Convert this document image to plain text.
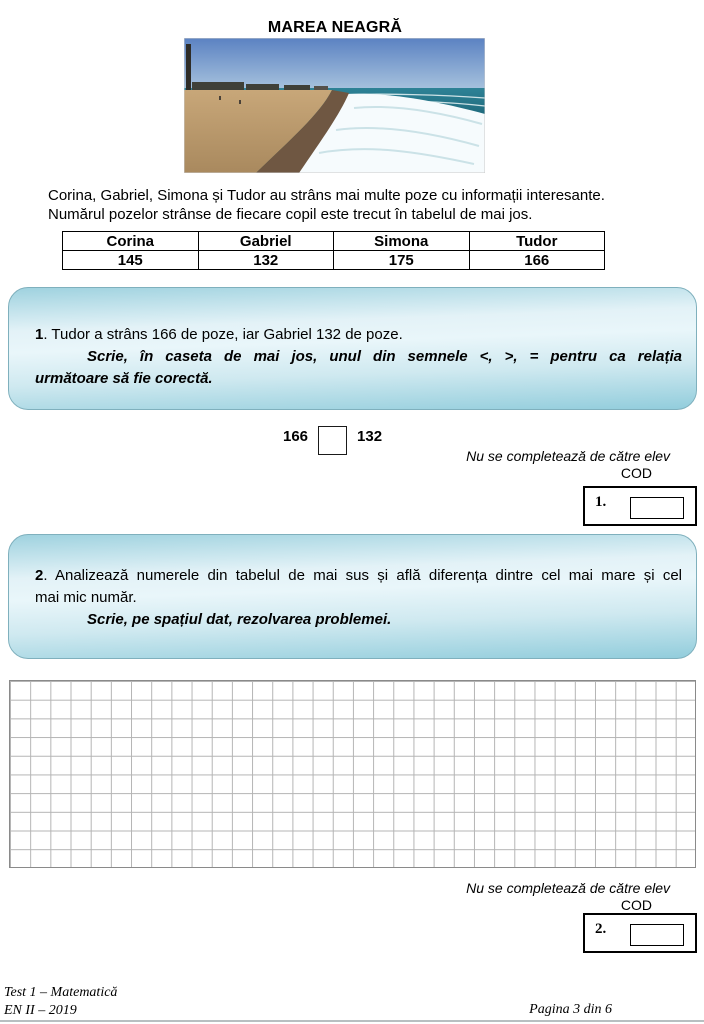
MAREA NEAGRĂ
Corina, Gabriel, Simona și Tudor au strâns mai multe poze cu informații interesante.
Numărul pozelor strânse de fiecare copil este trecut în tabelul de mai jos.
Corina	Gabriel	Simona	Tudor
145	132	175	166

1. Tudor a strâns 166 de poze, iar Gabriel 132 de poze.

Scrie, în caseta de mai jos, unul din semnele <, >, = pentru ca relația

următoare să fie corectă.

166	132
Nu se completează de către elev
COD
1.

2. Analizează numerele din tabelul de mai sus și află diferența dintre cel mai mare și cel

mai mic număr.

Scrie, pe spațiul dat, rezolvarea problemei.

Nu se completează de către elev
COD
2.
Test 1 – Matematică
EN II – 2019	Pagina 3 din 6
